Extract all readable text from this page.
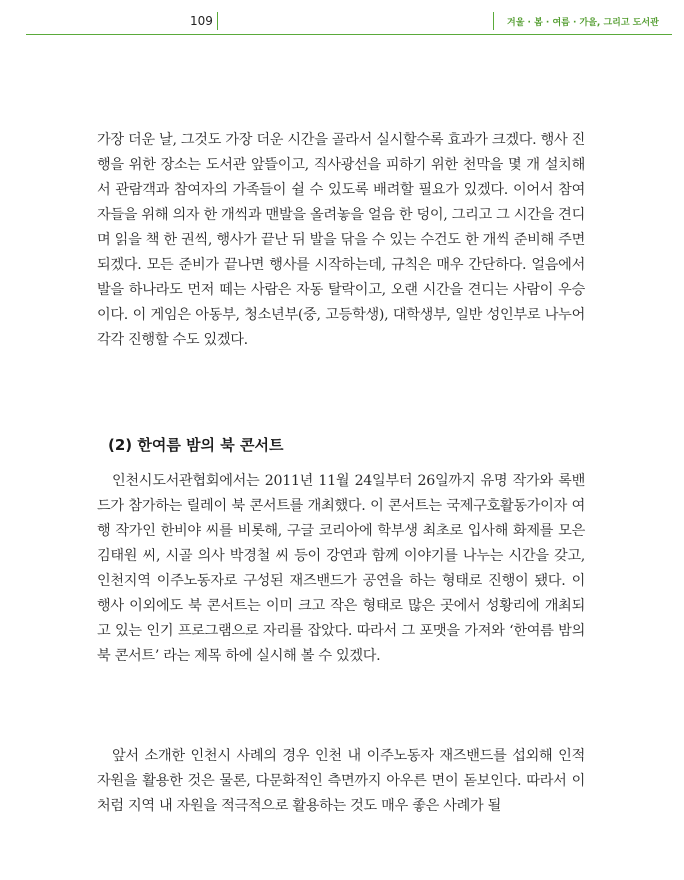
109	겨울 · 봄 · 여름 · 가을, 그리고 도서관

가장 더운 날, 그것도 가장 더운 시간을 골라서 실시할수록 효과가 크겠다. 행사 진행을 위한 장소는 도서관 앞뜰이고, 직사광선을 피하기 위한 천막을 몇 개 설치해서 관람객과 참여자의 가족들이 쉴 수 있도록 배려할 필요가 있겠다. 이어서 참여자들을 위해 의자 한 개씩과 맨발을 올려놓을 얼음 한 덩이, 그리고 그 시간을 견디며 읽을 책 한 권씩, 행사가 끝난 뒤 발을 닦을 수 있는 수건도 한 개씩 준비해 주면 되겠다. 모든 준비가 끝나면 행사를 시작하는데, 규칙은 매우 간단하다. 얼음에서 발을 하나라도 먼저 떼는 사람은 자동 탈락이고, 오랜 시간을 견디는 사람이 우승이다. 이 게임은 아동부, 청소년부(중, 고등학생), 대학생부, 일반 성인부로 나누어 각각 진행할 수도 있겠다.

(2) 한여름 밤의 북 콘서트

인천시도서관협회에서는 2011년 11월 24일부터 26일까지 유명 작가와 록밴드가 참가하는 릴레이 북 콘서트를 개최했다. 이 콘서트는 국제구호활동가이자 여행 작가인 한비야 씨를 비롯해, 구글 코리아에 학부생 최초로 입사해 화제를 모은 김태원 씨, 시골 의사 박경철 씨 등이 강연과 함께 이야기를 나누는 시간을 갖고, 인천지역 이주노동자로 구성된 재즈밴드가 공연을 하는 형태로 진행이 됐다. 이 행사 이외에도 북 콘서트는 이미 크고 작은 형태로 많은 곳에서 성황리에 개최되고 있는 인기 프로그램으로 자리를 잡았다. 따라서 그 포맷을 가져와 ‘한여름 밤의 북 콘서트’ 라는 제목 하에 실시해 볼 수 있겠다.

앞서 소개한 인천시 사례의 경우 인천 내 이주노동자 재즈밴드를 섭외해 인적 자원을 활용한 것은 물론, 다문화적인 측면까지 아우른 면이 돋보인다. 따라서 이처럼 지역 내 자원을 적극적으로 활용하는 것도 매우 좋은 사례가 될
